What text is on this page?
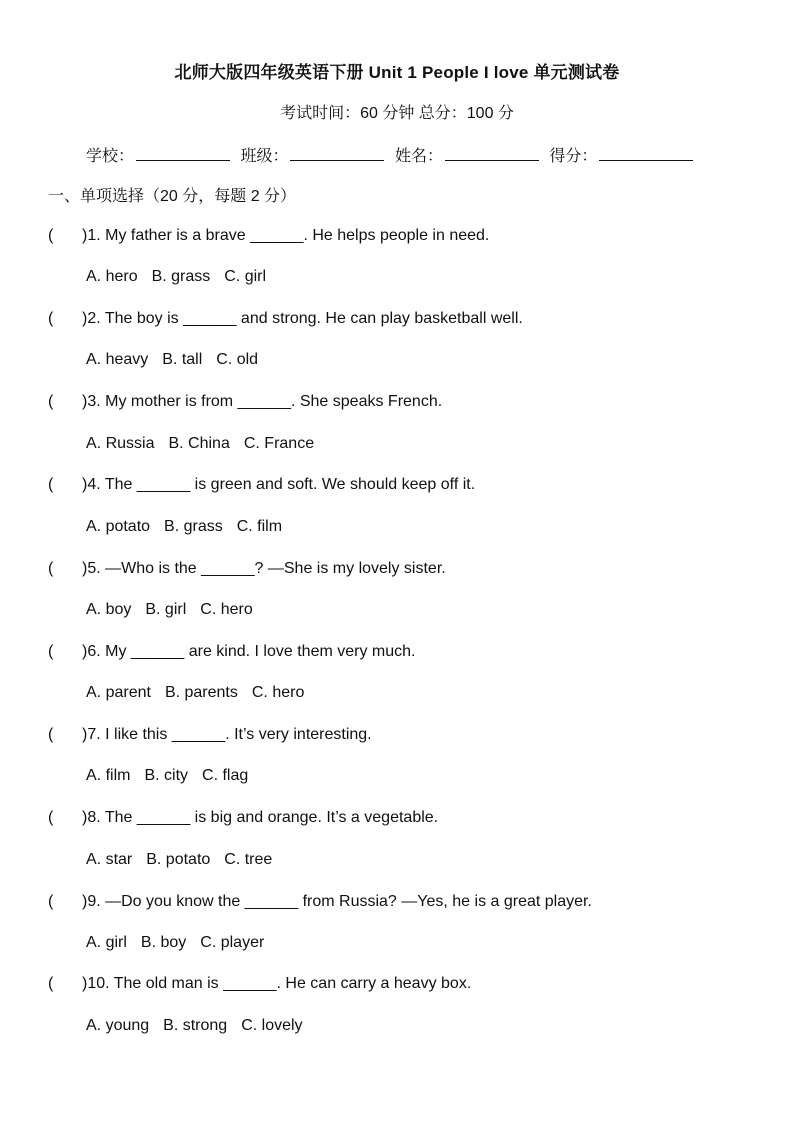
北师大版四年级英语下册 Unit 1 People I love 单元测试卷
考试时间：60 分钟 总分：100 分
学校：	班级：	姓名：	得分：
一、单项选择（20 分，每题 2 分）
( )1. My father is a brave ______. He helps people in need.
A. hero B. grass C. girl
( )2. The boy is ______ and strong. He can play basketball well.
A. heavy B. tall C. old
( )3. My mother is from ______. She speaks French.
A. Russia B. China C. France
( )4. The ______ is green and soft. We should keep off it.
A. potato B. grass C. film
( )5. —Who is the ______? —She is my lovely sister.
A. boy B. girl C. hero
( )6. My ______ are kind. I love them very much.
A. parent B. parents C. hero
( )7. I like this ______. It’s very interesting.
A. film B. city C. flag
( )8. The ______ is big and orange. It’s a vegetable.
A. star B. potato C. tree
( )9. —Do you know the ______ from Russia? —Yes, he is a great player.
A. girl B. boy C. player
( )10. The old man is ______. He can carry a heavy box.
A. young B. strong C. lovely
